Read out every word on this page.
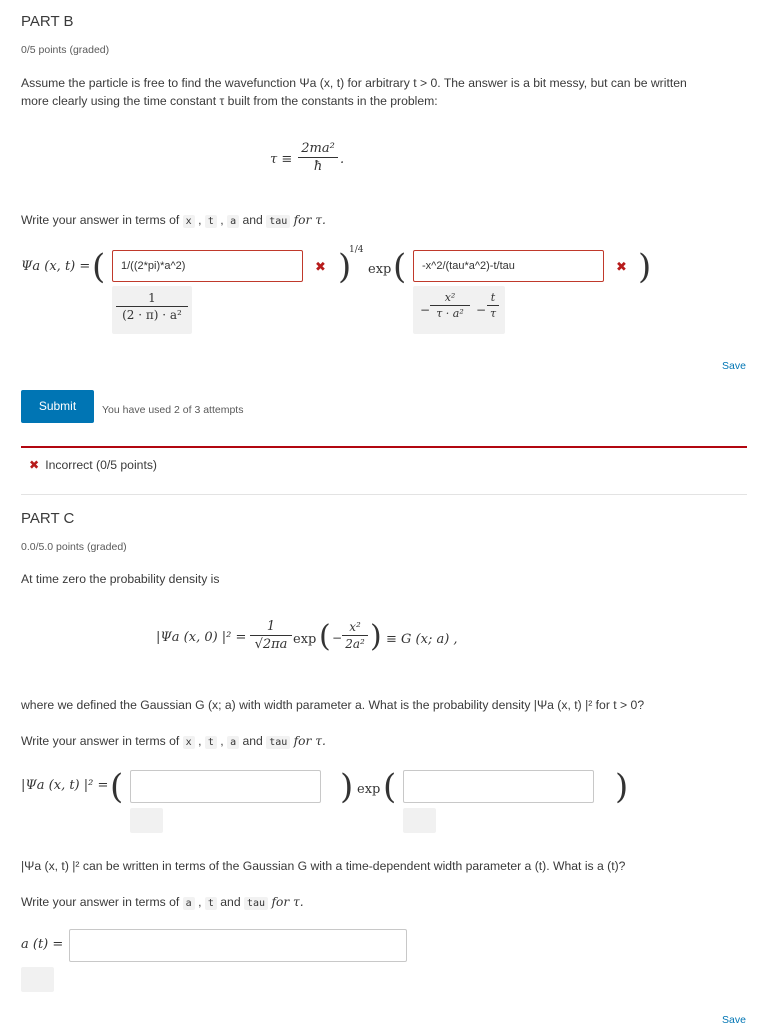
PART B
0/5 points (graded)
Assume the particle is free to find the wavefunction Ψa (x, t) for arbitrary t > 0. The answer is a bit messy, but can be written
more clearly using the time constant τ built from the constants in the problem:
τ ≡
2ma²
ħ	.
Write your answer in terms of x , t , a and tau for τ.
Ψa (x, t) = (	1/((2*pi)*a^2)	✖ )
1/4
exp (	-x^2/(tau*a^2)-t/tau	✖ )
1
(2 · π) · a²	−
x²
τ · a²	−
t
τ
Save
Submit	You have used 2 of 3 attempts
✖ Incorrect (0/5 points)
PART C
0.0/5.0 points (graded)
At time zero the probability density is
|Ψa (x, 0) |² =
1
√2πa exp ( −
x²
2a² ) ≡ G (x; a) ,
where we defined the Gaussian G (x; a) with width parameter a. What is the probability density |Ψa (x, t) |² for t > 0?
Write your answer in terms of x , t , a and tau for τ.
|Ψa (x, t) |² = (	) exp (	)
|Ψa (x, t) |² can be written in terms of the Gaussian G with a time-dependent width parameter a (t). What is a (t)?
Write your answer in terms of a , t and tau for τ.
a (t) =
Save
